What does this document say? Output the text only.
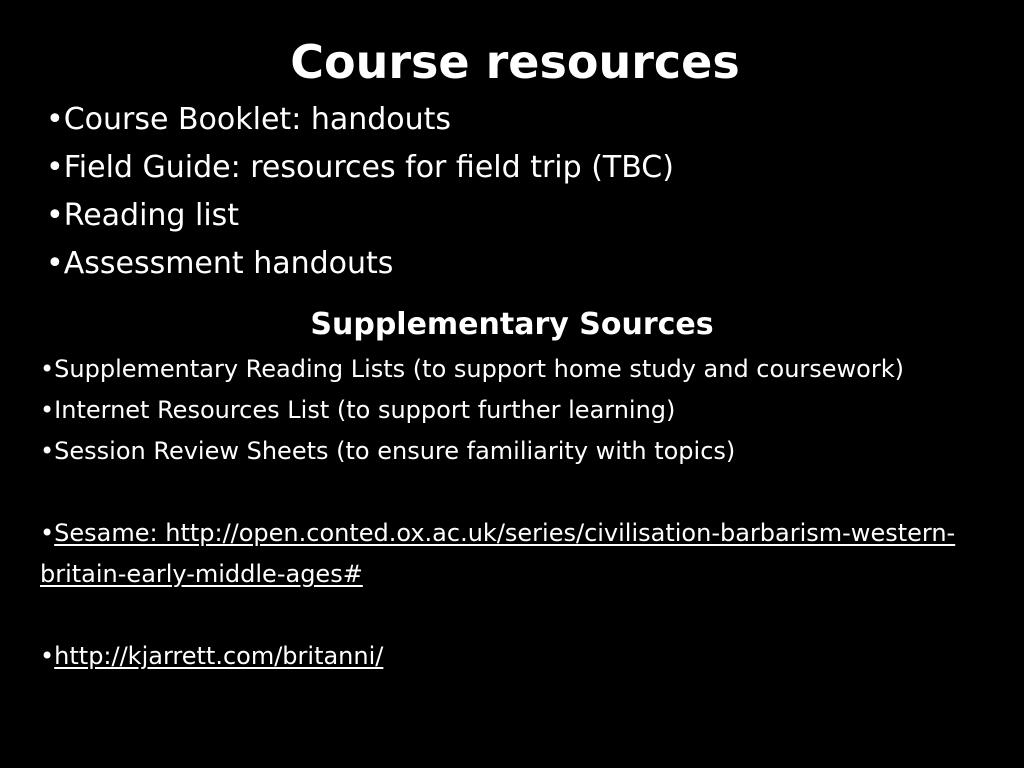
Course resources
•Course Booklet: handouts
•Field Guide: resources for field trip (TBC)
•Reading list
•Assessment handouts
Supplementary Sources

•Supplementary Reading Lists (to support home study and coursework)

•Internet Resources List (to support further learning)

•Session Review Sheets (to ensure familiarity with topics)

•Sesame: http://open.conted.ox.ac.uk/series/civilisation-barbarism-western-britain-early-middle-ages#

•http://kjarrett.com/britanni/
